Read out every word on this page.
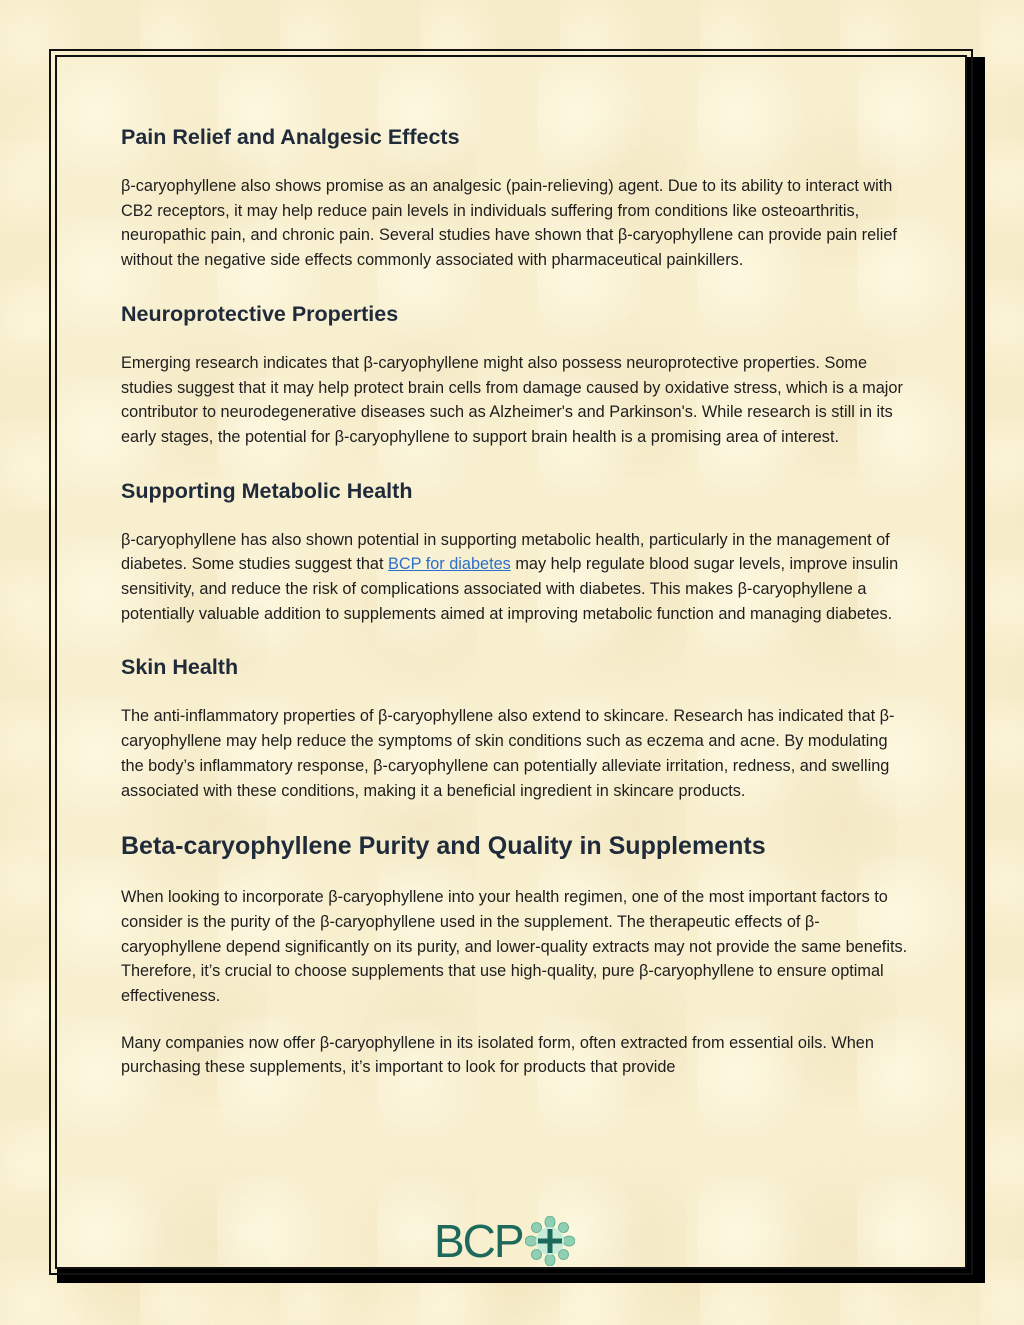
Pain Relief and Analgesic Effects

β-caryophyllene also shows promise as an analgesic (pain-relieving) agent. Due to its ability to interact with CB2 receptors, it may help reduce pain levels in individuals suffering from conditions like osteoarthritis, neuropathic pain, and chronic pain. Several studies have shown that β-caryophyllene can provide pain relief without the negative side effects commonly associated with pharmaceutical painkillers.

Neuroprotective Properties

Emerging research indicates that β-caryophyllene might also possess neuroprotective properties. Some studies suggest that it may help protect brain cells from damage caused by oxidative stress, which is a major contributor to neurodegenerative diseases such as Alzheimer's and Parkinson's. While research is still in its early stages, the potential for β-caryophyllene to support brain health is a promising area of interest.

Supporting Metabolic Health

β-caryophyllene has also shown potential in supporting metabolic health, particularly in the management of diabetes. Some studies suggest that BCP for diabetes may help regulate blood sugar levels, improve insulin sensitivity, and reduce the risk of complications associated with diabetes. This makes β-caryophyllene a potentially valuable addition to supplements aimed at improving metabolic function and managing diabetes.

Skin Health

The anti-inflammatory properties of β-caryophyllene also extend to skincare. Research has indicated that β-caryophyllene may help reduce the symptoms of skin conditions such as eczema and acne. By modulating the body’s inflammatory response, β-caryophyllene can potentially alleviate irritation, redness, and swelling associated with these conditions, making it a beneficial ingredient in skincare products.

Beta-caryophyllene Purity and Quality in Supplements

When looking to incorporate β-caryophyllene into your health regimen, one of the most important factors to consider is the purity of the β-caryophyllene used in the supplement. The therapeutic effects of β-caryophyllene depend significantly on its purity, and lower-quality extracts may not provide the same benefits. Therefore, it’s crucial to choose supplements that use high-quality, pure β-caryophyllene to ensure optimal effectiveness.

Many companies now offer β-caryophyllene in its isolated form, often extracted from essential oils. When purchasing these supplements, it’s important to look for products that provide

BCP
